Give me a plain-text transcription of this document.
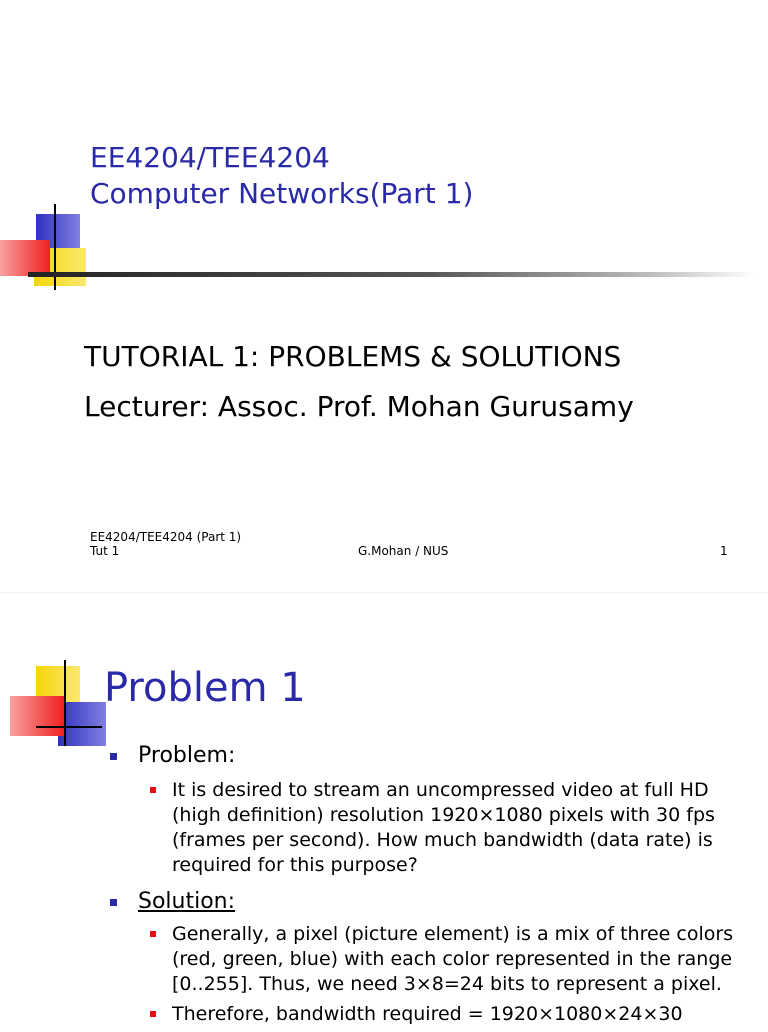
EE4204/TEE4204
Computer Networks(Part 1)
TUTORIAL 1: PROBLEMS & SOLUTIONS
Lecturer: Assoc. Prof. Mohan Gurusamy
EE4204/TEE4204 (Part 1)
Tut 1	G.Mohan / NUS	1
Problem 1
Problem:
It is desired to stream an uncompressed video at full HD (high definition) resolution 1920×1080 pixels with 30 fps (frames per second). How much bandwidth (data rate) is required for this purpose?
Solution:
Generally, a pixel (picture element) is a mix of three colors (red, green, blue) with each color represented in the range [0..255]. Thus, we need 3×8=24 bits to represent a pixel.
Therefore, bandwidth required = 1920×1080×24×30
